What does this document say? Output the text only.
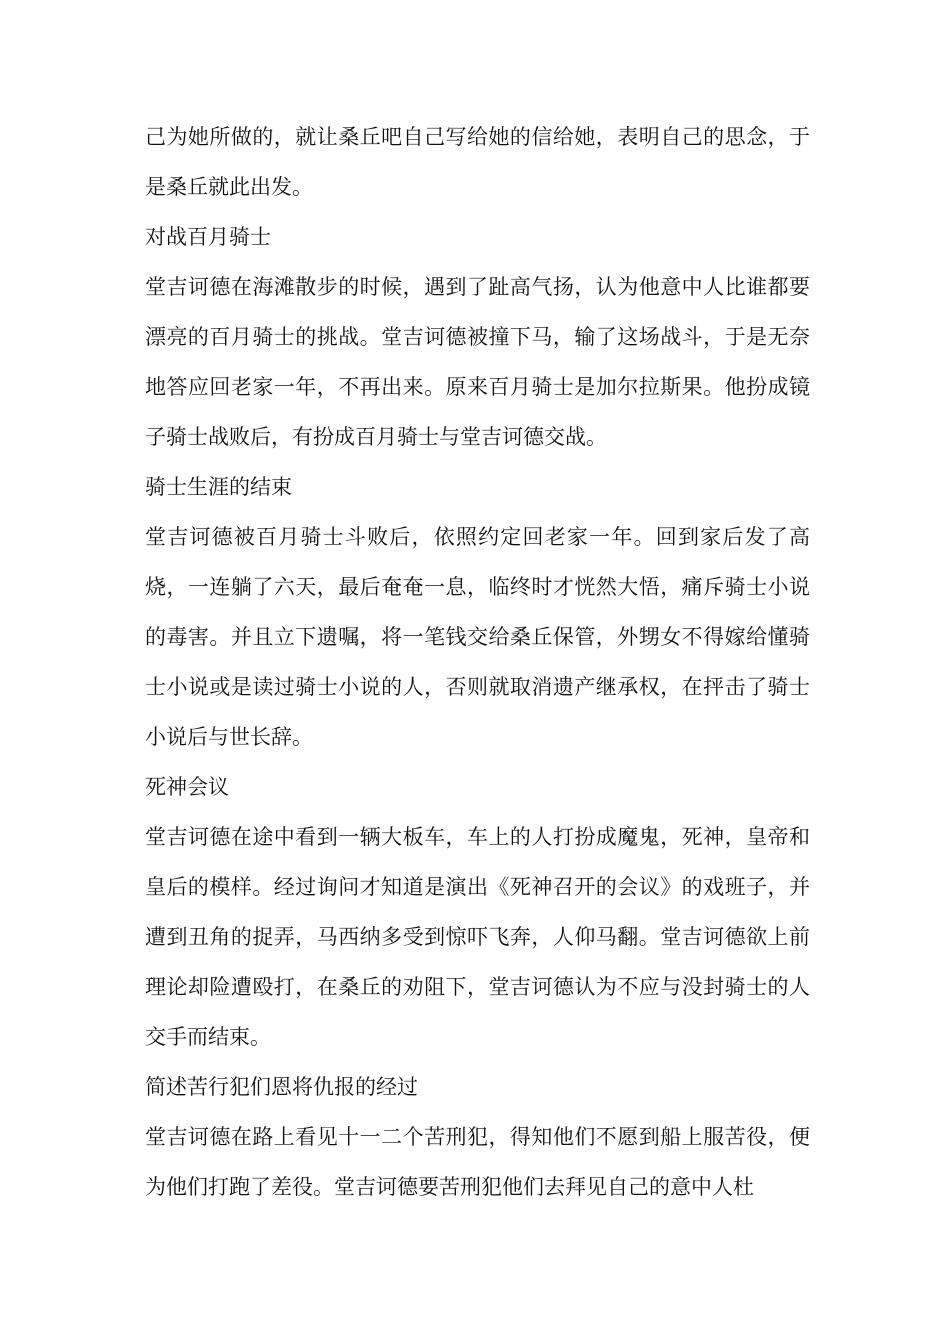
己为她所做的，就让桑丘吧自己写给她的信给她，表明自己的思念，于是桑丘就此出发。

对战百月骑士

堂吉诃德在海滩散步的时候，遇到了趾高气扬，认为他意中人比谁都要漂亮的百月骑士的挑战。堂吉诃德被撞下马，输了这场战斗，于是无奈地答应回老家一年，不再出来。原来百月骑士是加尔拉斯果。他扮成镜子骑士战败后，有扮成百月骑士与堂吉诃德交战。

骑士生涯的结束

堂吉诃德被百月骑士斗败后，依照约定回老家一年。回到家后发了高烧，一连躺了六天，最后奄奄一息，临终时才恍然大悟，痛斥骑士小说的毒害。并且立下遗嘱，将一笔钱交给桑丘保管，外甥女不得嫁给懂骑士小说或是读过骑士小说的人，否则就取消遗产继承权，在抨击了骑士小说后与世长辞。

死神会议

堂吉诃德在途中看到一辆大板车，车上的人打扮成魔鬼，死神，皇帝和皇后的模样。经过询问才知道是演出《死神召开的会议》的戏班子，并遭到丑角的捉弄，马西纳多受到惊吓飞奔，人仰马翻。堂吉诃德欲上前理论却险遭殴打，在桑丘的劝阻下，堂吉诃德认为不应与没封骑士的人交手而结束。

简述苦行犯们恩将仇报的经过

堂吉诃德在路上看见十一二个苦刑犯，得知他们不愿到船上服苦役，便为他们打跑了差役。堂吉诃德要苦刑犯他们去拜见自己的意中人杜
